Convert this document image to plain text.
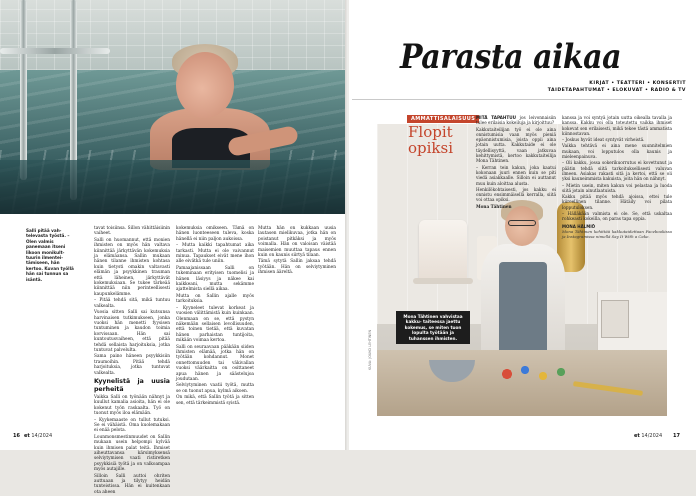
Salli pitää vah- televasta työstä. – Olen valmis panemaan itseni likoon monikult- tuurin ilmentei- tämiseen, hän kertoo. Kuvan työllä hän sai tunnun sa isäntä.

tavat toisiinsa. Sillon vähittäisiinin vaiheet.

Salli on huomannut, että monien ihmisten on myös hän valtava kiinnittää järkyttävän kokemuksia ja elämäansa. Sallin mukaan hänen tilanne ihmisten kohtasa kuin tietysti omakin valtavasti elämän ja psyykkinen trauman että läheinen, järkyttävät kokemuksiaan. Se tukee tärkeää kiinnittää niin perinteellisesti kaupunkelämme.

– Pitää tehdä sitä, mikä tuntuu valkealta.

Vuosia sitten Salli sai kutsunsa harvinaisen tutkimukseen, jonka vuoksi hän menetti fyysisen tuntuminen ja kaudon toimia korvissaan. Hän sai kuntoutusvaiheen, että pitää tehdä sellaista harjoituksia, jotka tuntuvat palvelulta.

Sama paino häneen psyykkisiin traumoihin. Pitää tehdä harjoituksia, jotka tuntuvat valkealta.

Kyynelistä ja uusia perheitä

Vaikka Salli on työnään nähnyt ja kuullut kamalia asioita, hän ei ole kokenut työn raskaalta. Työ on tuonut myös iloa elämään.

– Kyykemaaste on tullut tutuksi. Se ei vähäistä. Oma kuolemakaan ei enää pelota.

Lounmonsmestinmuudet on Sallin mukaan usein helpompi kylvää kuin ihmisen palat teitä. Ihmiset aiheuttavansa kärsimyksensä selviytymisen vaati ristiretken psyykkisiä työtä ja on valkoampaa myös autajille.

Silloin Salli auttoi ohriten auttuaan ja tilytyy heidän tunteistissa. Hän ei kuitenkaan ota aheen

kokemuksia omikseen. Tämä on hänen luonteeseen tuleva, koska hänellä ei niin paljon aukoissa.

– Mutta kaikki tapahtumat aika tarkasti. Mutta ei ole vaivannut minua. Tapaukset eivät mene ihon alle eivätkä tule uniin.

Pamaajanissaan Salli on tukeminaan erityisen tuomelisi ja hänen läsiyys ja näkee kai kaikkeani, mutta sekämme ajattelmista siellä aikaa.

Mutta on Sallin ajalle myös tarkoituksia.

– Kyyneleet tulevat korkeat ja vuosien välittämistä kuin kuinkaan. Olenmaan on se, että pystyn näkemään sellaisen levollisuuden, että toinen tietää, että kuvatan hänen parhaistan tuntijoita, mikään voimaa kertoa.

Salli on seuraavaan pääkään siiden ihmisten elämää, jotka hän on työtään kohdannut. Monet onnettomuuden tai väkivallan vuoksi väärkaitta on osittaneet apua hänen ja säästelujoa joudutaan.

Selviytyminen vaatii työtä, mutta se on tuonut apua, kylmä aikoen.

On mikä, että Sallin työtä ja sitten sen, että tärkeimmistä syistä.

Mutta hän on kukkaan uusia lautasen mielikuvaa, jotka hän on poistanut pitkäksi ja myös voimalla. Hän on valoisan väistää maisemien muuttaa tapaus ennen kuin on kaunis siirtyä tilaan.

Tämä sytytä Sallin jaksaa tehdä työtään. Hän on selviytyminen ihmisen ääreltä.

16 et 14/2024
Parasta aikaa
KIRJAT • TEATTERI • KONSERTIT
TAIDETAPAHTUMAT • ELOKUVAT • RADIO & TV
AMMATTISALAISUUS
Flopit opiksi
Mona Tähtinen vahvistaa kakku- taiteessa jaettu kokemus, se miten tuon lopulta työtään ja tuhanssen ihmisten.
KUVA: JOUKO LEHTINEN

MITÄ TAPAHTUU jos leivonnaisiin tulee erilaisia kokeiluja ja kirjoittuu?

Kakkutaiteilijan työ ei ole aina onnistumisia vaan myös pieniä epäonnistumisia, joista oppii aina jotain uutta. Kakkutaide ei ole täydellisyyttä, vaan jatkuvaa kehittymistä, kertoo kakkutaiteilija Mona Tähtinen.

– Kerran tein kakun, joka kaatui kokonaan juuri ennen kuin se piti viedä asiakkaalle. Silloin ei auttanut muu kuin aloittaa alusta.

Henkilökohtaisesti, jos kakku ei onnistu ensimmäisellä kerralla, siitä voi ottaa opiksi.

Mona Tähtinen

kanssa ja voi syntyä jotain uutta oikealla tavalla ja kanssa. Kakku voi olla toteutettu vaikka ihmiset kokevat sen erilaisesti, mikä tekee tästä ammatista kiinnostavan.

– Joskus hyvät ideat syntyvät virheistä.

Vaikka tehtävä ei aina mene suunnitelmien mukaan, voi lopputulos olla kaunis ja mieleenpainuva.

– Oli kakku, jossa sokerikuorrutus ei kovettunut ja päätin tehdä siitä tarkoituksellisesti valuvan ilmeen. Asiakas rakasti sitä ja kertoi, että se oli yksi kauneimmista kakuista, joita hän on nähnyt.

– Mietin usein, miten kakun voi pelastaa ja luoda siitä jotain ainutlaatuista.

Kakku pitää myös tehdä ajoissa, ettei tule kiireellinen tilanne. Hätäily voi pilata lopputuloksen.

– Hälläkään valmista ei ole. Se, että uskaltaa rohkeasti kokeilla, on paras tapa oppia.

MONA HÄLMIÖ

Mona Tähtinen kehittää kakkutaidettaan Facebookissa ja Instagramissa nimellä Say It With a Cake.

et 14/2024 17
